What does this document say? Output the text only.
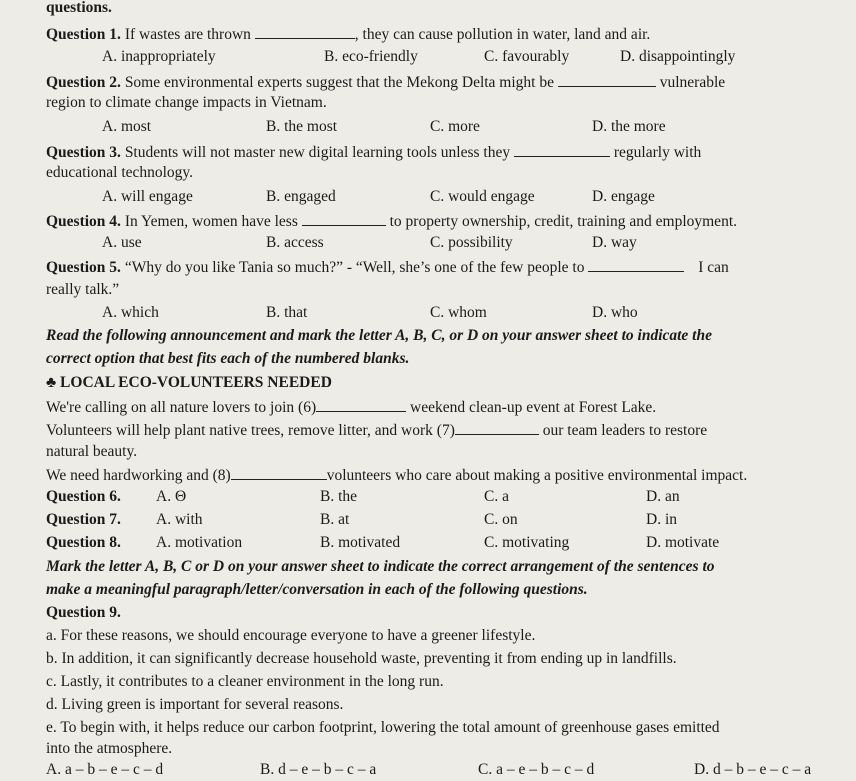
questions.
Question 1. If wastes are thrown	, they can cause pollution in water, land and air.
A. inappropriately	B. eco-friendly	C. favourably	D. disappointingly
Question 2. Some environmental experts suggest that the Mekong Delta might be	vulnerable
region to climate change impacts in Vietnam.
A. most	B. the most	C. more	D. the more
Question 3. Students will not master new digital learning tools unless they	regularly with
educational technology.
A. will engage	B. engaged	C. would engage	D. engage
Question 4. In Yemen, women have less	to property ownership, credit, training and employment.
A. use	B. access	C. possibility	D. way
Question 5. “Why do you like Tania so much?” - “Well, she’s one of the few people to	I can
really talk.”
A. which	B. that	C. whom	D. who
Read the following announcement and mark the letter A, B, C, or D on your answer sheet to indicate the
correct option that best fits each of the numbered blanks.
♣ LOCAL ECO-VOLUNTEERS NEEDED
We're calling on all nature lovers to join (6)	weekend clean-up event at Forest Lake.
Volunteers will help plant native trees, remove litter, and work (7)	our team leaders to restore
natural beauty.
We need hardworking and (8)	volunteers who care about making a positive environmental impact.
Question 6. A. Θ	B. the	C. a	D. an
Question 7. A. with	B. at	C. on	D. in
Question 8. A. motivation	B. motivated	C. motivating	D. motivate
Mark the letter A, B, C or D on your answer sheet to indicate the correct arrangement of the sentences to
make a meaningful paragraph/letter/conversation in each of the following questions.
Question 9.
a. For these reasons, we should encourage everyone to have a greener lifestyle.
b. In addition, it can significantly decrease household waste, preventing it from ending up in landfills.
c. Lastly, it contributes to a cleaner environment in the long run.
d. Living green is important for several reasons.
e. To begin with, it helps reduce our carbon footprint, lowering the total amount of greenhouse gases emitted
into the atmosphere.
A. a – b – e – c – d	B. d – e – b – c – a	C. a – e – b – c – d	D. d – b – e – c – a
